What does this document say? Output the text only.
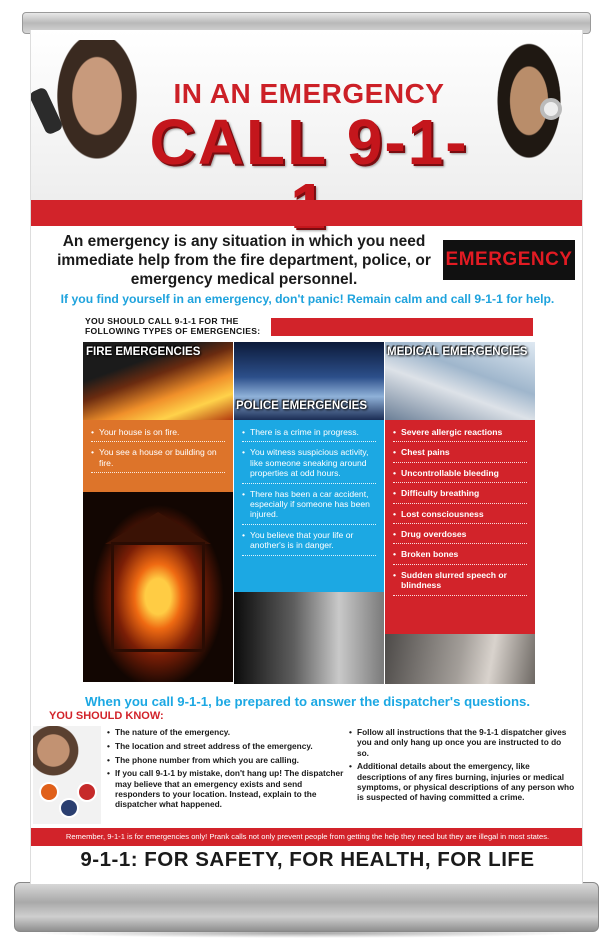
IN AN EMERGENCY
CALL 9-1-
An emergency is any situation in which you need immediate help from the fire department, police, or emergency medical personnel.
EMERGENCY
If you find yourself in an emergency, don't panic! Remain calm and call 9-1-1 for help.
YOU SHOULD CALL 9-1-1 FOR THE FOLLOWING TYPES OF EMERGENCIES:
FIRE EMERGENCIES
• Your house is on fire.
• You see a house or building on fire.
POLICE EMERGENCIES
• There is a crime in progress.
• You witness suspicious activity, like someone sneaking around properties at odd hours.
• There has been a car accident, especially if someone has been injured.
• You believe that your life or another's is in danger.
MEDICAL EMERGENCIES
• Severe allergic reactions
• Chest pains
• Uncontrollable bleeding
• Difficulty breathing
• Lost consciousness
• Drug overdoses
• Broken bones
• Sudden slurred speech or blindness
When you call 9-1-1, be prepared to answer the dispatcher's questions.
YOU SHOULD KNOW:
• The nature of the emergency.
• The location and street address of the emergency.
• The phone number from which you are calling.
• If you call 9-1-1 by mistake, don't hang up! The dispatcher may believe that an emergency exists and send responders to your location. Instead, explain to the dispatcher what happened.
• Follow all instructions that the 9-1-1 dispatcher gives you and only hang up once you are instructed to do so.
• Additional details about the emergency, like descriptions of any fires burning, injuries or medical symptoms, or physical descriptions of any person who is suspected of having committed a crime.
Remember, 9-1-1 is for emergencies only! Prank calls not only prevent people from getting the help they need but they are illegal in most states.
9-1-1: FOR SAFETY, FOR HEALTH, FOR LIFE
